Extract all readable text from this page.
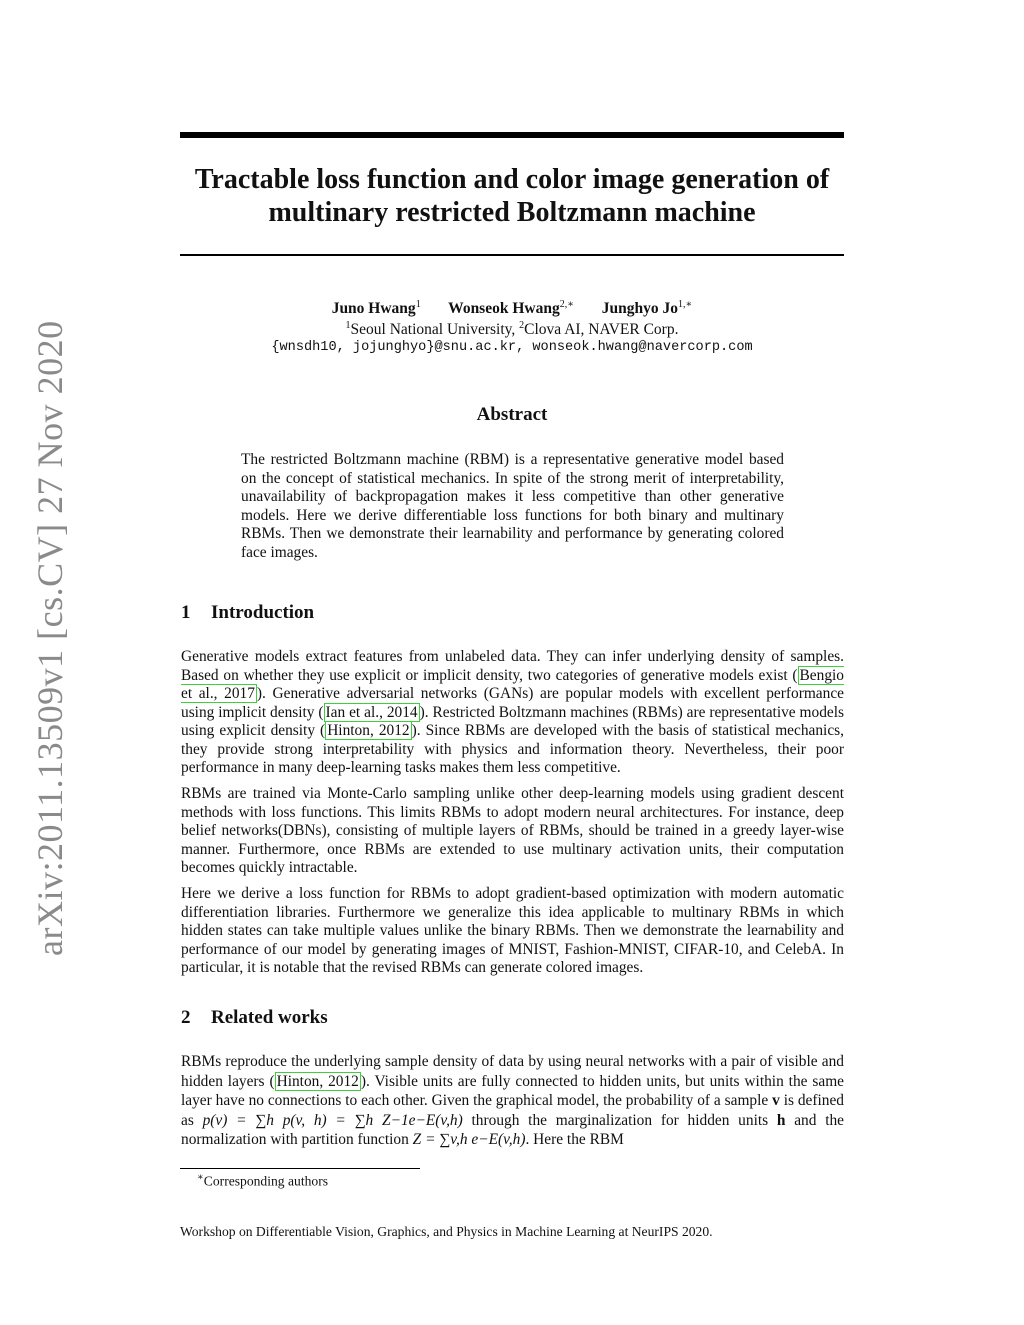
arXiv:2011.13509v1 [cs.CV] 27 Nov 2020
Tractable loss function and color image generation of
multinary restricted Boltzmann machine
Juno Hwang$^1$ Wonseok Hwang$^{2,∗}$ Junghyo $Jo^{1,∗}$
$^1$Seoul National University, $^2$Clova AI, NAVER Corp.
{wnsdh10, jojunghyo}@snu.ac.kr, wonseok.hwang@navercorp.com
Abstract
The restricted Boltzmann machine (RBM) is a representative generative model based on the concept of statistical mechanics. In spite of the strong merit of interpretability, unavailability of backpropagation makes it less competitive than other generative models. Here we derive differentiable loss functions for both binary and multinary RBMs. Then we demonstrate their learnability and performance by generating colored face images.
1 Introduction
Generative models extract features from unlabeled data. They can infer underlying density of samples. Based on whether they use explicit or implicit density, two categories of generative models exist ( Bengio et al., 2017 ). Generative adversarial networks (GANs) are popular models with excellent performance using implicit density ( Ian et al., 2014 ). Restricted Boltzmann machines (RBMs) are representative models using explicit density ( Hinton, 2012 ). Since RBMs are developed with the basis of statistical mechanics, they provide strong interpretability with physics and information theory. Nevertheless, their poor performance in many deep-learning tasks makes them less competitive.
RBMs are trained via Monte-Carlo sampling unlike other deep-learning models using gradient descent methods with loss functions. This limits RBMs to adopt modern neural architectures. For instance, deep belief networks(DBNs), consisting of multiple layers of RBMs, should be trained in a greedy layer-wise manner. Furthermore, once RBMs are extended to use multinary activation units, their computation becomes quickly intractable.
Here we derive a loss function for RBMs to adopt gradient-based optimization with modern automatic differentiation libraries. Furthermore we generalize this idea applicable to multinary RBMs in which hidden states can take multiple values unlike the binary RBMs. Then we demonstrate the learnability and performance of our model by generating images of MNIST, Fashion-MNIST, CIFAR-10, and CelebA. In particular, it is notable that the revised RBMs can generate colored images.
2 Related works
RBMs reproduce the underlying sample density of data by using neural networks with a pair of visible and hidden layers ( Hinton, 2012 ). Visible units are fully connected to hidden units, but units within the same layer have no connections to each other. Given the graphical model, the probability of a sample v is defined as p(v) = ∑h p(v, h) = ∑h Z−1e−E(v,h) through the marginalization for hidden units h and the normalization with partition function Z = ∑v,h e−E(v,h). Here the RBM
∗Corresponding authors
Workshop on Differentiable Vision, Graphics, and Physics in Machine Learning at NeurIPS 2020.
